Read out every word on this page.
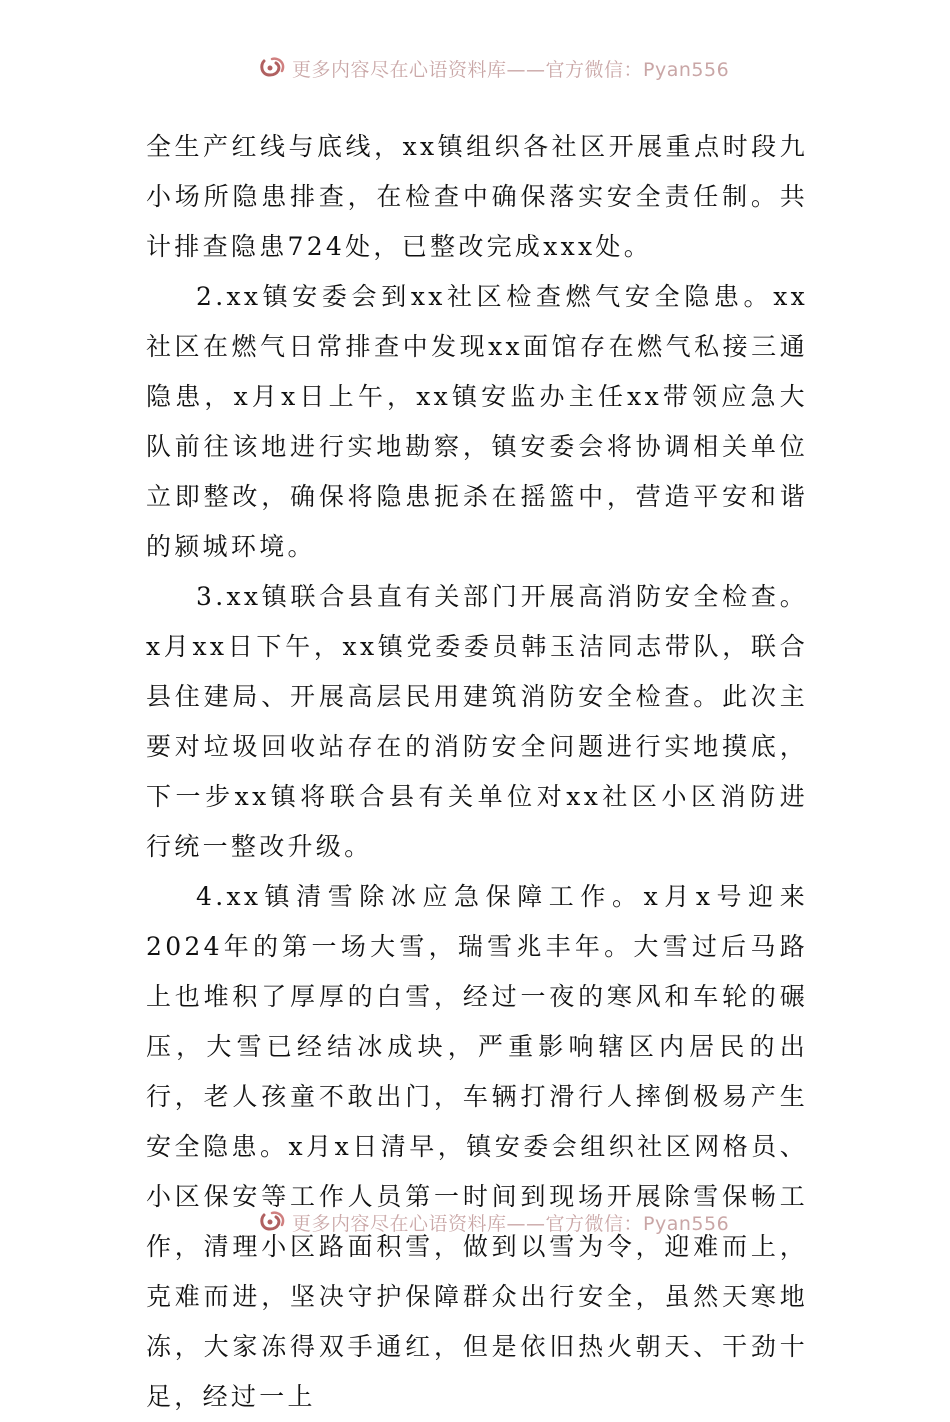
更多内容尽在心语资料库——官方微信：Pyan556

全生产红线与底线，xx镇组织各社区开展重点时段九小场所隐患排查，在检查中确保落实安全责任制。共计排查隐患724处，已整改完成xxx处。

2.xx镇安委会到xx社区检查燃气安全隐患。xx社区在燃气日常排查中发现xx面馆存在燃气私接三通隐患，x月x日上午，xx镇安监办主任xx带领应急大队前往该地进行实地勘察，镇安委会将协调相关单位立即整改，确保将隐患扼杀在摇篮中，营造平安和谐的颍城环境。

3.xx镇联合县直有关部门开展高消防安全检查。x月xx日下午，xx镇党委委员韩玉洁同志带队，联合县住建局、开展高层民用建筑消防安全检查。此次主要对垃圾回收站存在的消防安全问题进行实地摸底，下一步xx镇将联合县有关单位对xx社区小区消防进行统一整改升级。

4.xx镇清雪除冰应急保障工作。x月x号迎来2024年的第一场大雪，瑞雪兆丰年。大雪过后马路上也堆积了厚厚的白雪，经过一夜的寒风和车轮的碾压，大雪已经结冰成块，严重影响辖区内居民的出行，老人孩童不敢出门，车辆打滑行人摔倒极易产生安全隐患。x月x日清早，镇安委会组织社区网格员、小区保安等工作人员第一时间到现场开展除雪保畅工作，清理小区路面积雪，做到以雪为令，迎难而上，克难而进，坚决守护保障群众出行安全，虽然天寒地冻，大家冻得双手通红，但是依旧热火朝天、干劲十足，经过一上

更多内容尽在心语资料库——官方微信：Pyan556
